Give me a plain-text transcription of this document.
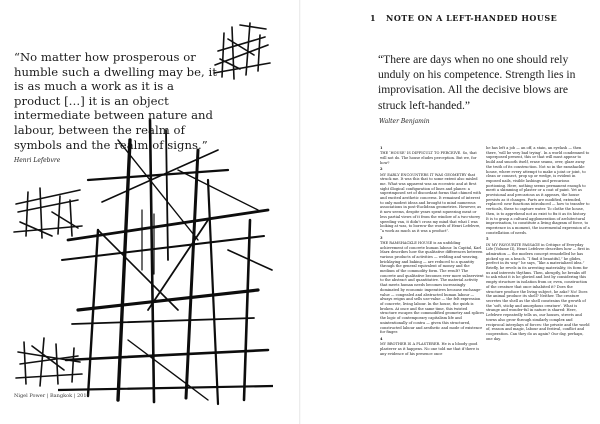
“No matter how prosperous or humble such a dwelling may be, it is as much a work as it is a product […] it is an object intermediate between nature and labour, between the realm of symbols and the realm of signs.”

Henri Lefebvre

Nigel Power | Bangkok | 2011

1 NOTE ON A LEFT-HANDED HOUSE

“There are days when no one should rely unduly on his competence. Strength lies in improvisation. All the decisive blows are struck left-handed.”

Walter Benjamin

1
THE ‘HOUSE’ IS DIFFICULT TO PERCEIVE. So, that will not do. The house eludes perception. But we, for how?
2
MY EARLY ENCOUNTERS IT WAS GEOMETRY that struck me. It was this that to some extent also misled me. What was apparent was an eccentric and at first sight illogical configuration of lines and planes: a superimposed set of discordant forms that chimed with and excited aesthetic concerns. It remained of interest to only modest ideas and brought to mind numerous associations in post-Euclidean geometries. However, as it now seems, despite years spent squeezing meat or less partial views of it from the window of a two-storey speeding van, it didn’t cross my mind that what I was looking at was, to borrow the words of Henri Lefebvre, “a work as much as it was a product”.
3
THE RAMSHACKLE HOUSE is an unfolding achievement of concrete human labour. In Capital, Karl Marx describes how the qualitative differences between various products of activities — welding and weaving, bricklaying and baking — are reduced to a quantity through the general equivalent of money and the medium of the commodity form. The result? The concrete and qualitative becomes ever more subservient to the abstract and quantitative. The material activity that meets human needs becomes increasingly dominated by economic imperatives because exchange-value — congealed and abstracted human labour — always reigns and sells use-value — the felt expression of concrete, living labour. In the house, the quirk is broken. At once and the same time, this twisted structure escapes the commodified geometry and splices the logic of contemporary capitalism life and unintentionally of contra — given this structured, constructed labour and aesthetic and mode of existence for finger.
4
MY BROTHER IS A PLASTERER. He is a bloody good plasterer as it happens. No one told me that if there is any evidence of his presence once
he has left a job — an off, a stain, an eyelash — then there, ‘will be very bad trying’. In a world condemned to superposed present, this or that will must appear to build and smooth itself, erase seams, over, glaze away the truth of its construction. Not so in the ramshackle house, where every attempt to make a joint or joint, to clean or connect, prop up or wedge, is evident in exposed nails, visible lashings and precarious portioning. Here, nothing seems permanent enough to merit a skimming of plaster or a coat of paint. Yet as provisional and precarious as it appears, the house persists as it changes. Parts are modified, extended, replaced: new functions introduced — how to transfer to verticals, these to capture water. To clothe the house, then, is to apprehend not as exist to fix it as its history. It is to grasp a cultural agglomeration of architectural improvisation, to constitute a living diagram of force, to experience in a moment, the incremental expression of a constellation of needs.
5
IN MY FAVOURITE PASSAGE in Critique of Everyday Life (Volume II), Henri Lefebvre describes how — first in admiration — the modern concept remodelled he has picked up on a beach. “I find it beautiful,” he glides, perfect in its way.” he says, “like a materialized idea.” Briefly, he revels in its arresting materiality, its form for us and interests thythms. Then, abruptly, he breaks off to ask what it is he gloried and lost by considering this empty structure in isolation from or, even, construction of the creature that once inhabited it? Does the structure produce the living subject, he asks? No! Does the animal produce its shell? Neither. The creature secretes the shell as the shell constrains the growth of the ‘soft, sticky and amorphous creature’. What is strange and wonder-ful in nature is shared: Here, Lefebvre repeatedly tells us, our houses, streets and towns also grow through similarly complex and reciprocal interplays of forces: the private and the world of, reason and magic, labour and festival, conflict and cooperation. Can they do as again? Our day, perhaps, one day.
